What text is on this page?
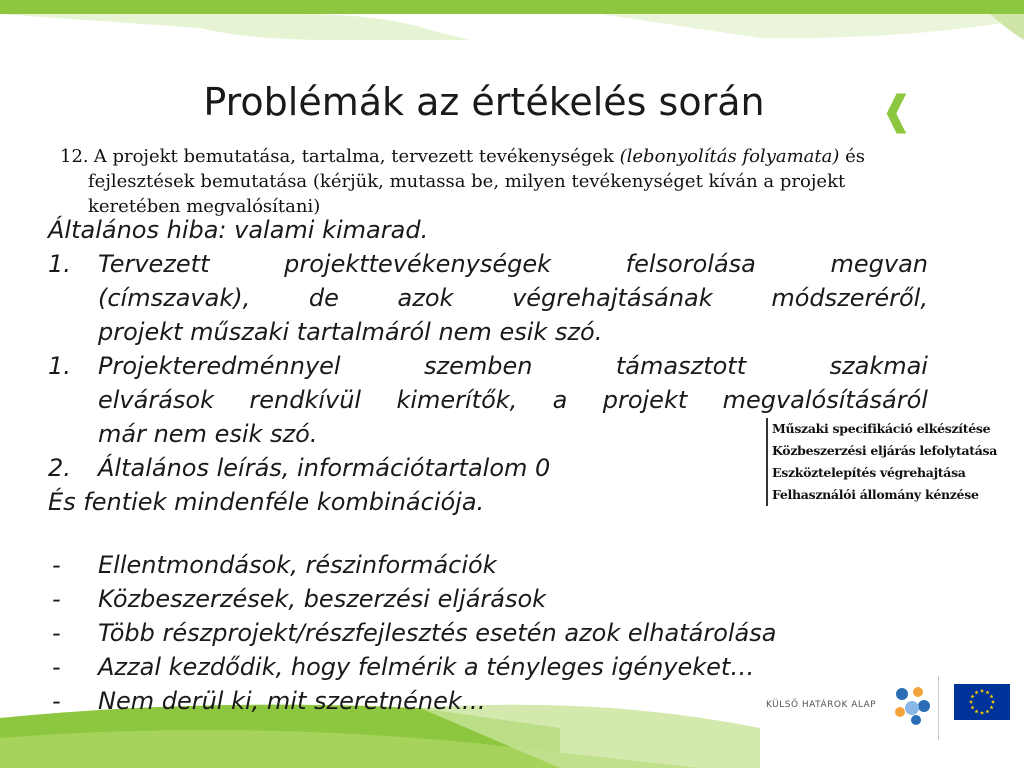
Problémák az értékelés során	❰
12. A projekt bemutatása, tartalma, tervezett tevékenységek (lebonyolítás folyamata) és
fejlesztések bemutatása (kérjük, mutassa be, milyen tevékenységet kíván a projekt
keretében megvalósítani)
Általános hiba: valami kimarad.
1.	Tervezett	projekttevékenységek	felsorolása	megvan
(címszavak), de azok végrehajtásának módszeréről,
projekt műszaki tartalmáról nem esik szó.
1.	Projekteredménnyel	szemben	támasztott	szakmai
elvárások rendkívül kimerítők, a projekt megvalósításáról
már nem esik szó.
2.	Általános leírás, információtartalom 0
És fentiek mindenféle kombinációja.
Műszaki specifikáció elkészítése
Közbeszerzési eljárás lefolytatása
Eszköztelepítés végrehajtása
Felhasználói állomány kénzése
-	Ellentmondások, részinformációk
-	Közbeszerzések, beszerzési eljárások
-	Több részprojekt/részfejlesztés esetén azok elhatárolása
-	Azzal kezdődik, hogy felmérik a tényleges igényeket…
-	Nem derül ki, mit szeretnének…	KÜLSŐ HATÁROK ALAP
